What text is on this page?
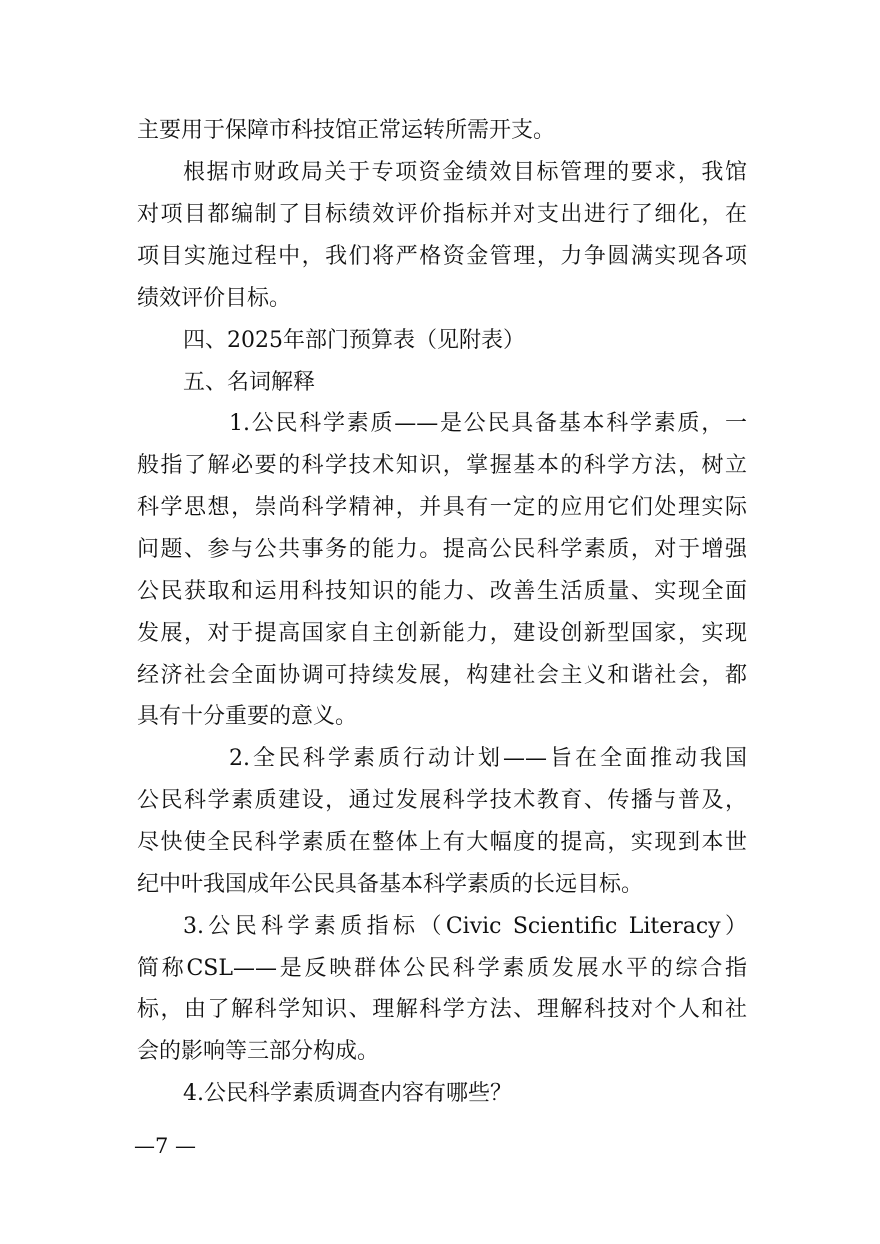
主要用于保障市科技馆正常运转所需开支。
根据市财政局关于专项资金绩效目标管理的要求，我馆
对项目都编制了目标绩效评价指标并对支出进行了细化，在
项目实施过程中，我们将严格资金管理，力争圆满实现各项
绩效评价目标。
四、2025年部门预算表（见附表）
五、名词解释
1.公民科学素质——是公民具备基本科学素质，一
般指了解必要的科学技术知识，掌握基本的科学方法，树立
科学思想，崇尚科学精神，并具有一定的应用它们处理实际
问题、参与公共事务的能力。提高公民科学素质，对于增强
公民获取和运用科技知识的能力、改善生活质量、实现全面
发展，对于提高国家自主创新能力，建设创新型国家，实现
经济社会全面协调可持续发展，构建社会主义和谐社会，都
具有十分重要的意义。
2.全民科学素质行动计划——旨在全面推动我国
公民科学素质建设，通过发展科学技术教育、传播与普及，
尽快使全民科学素质在整体上有大幅度的提高，实现到本世
纪中叶我国成年公民具备基本科学素质的长远目标。
3.公民科学素质指标（Civic Scientific Literacy）
简称CSL——是反映群体公民科学素质发展水平的综合指
标，由了解科学知识、理解科学方法、理解科技对个人和社
会的影响等三部分构成。
4.公民科学素质调查内容有哪些？
—7 —
